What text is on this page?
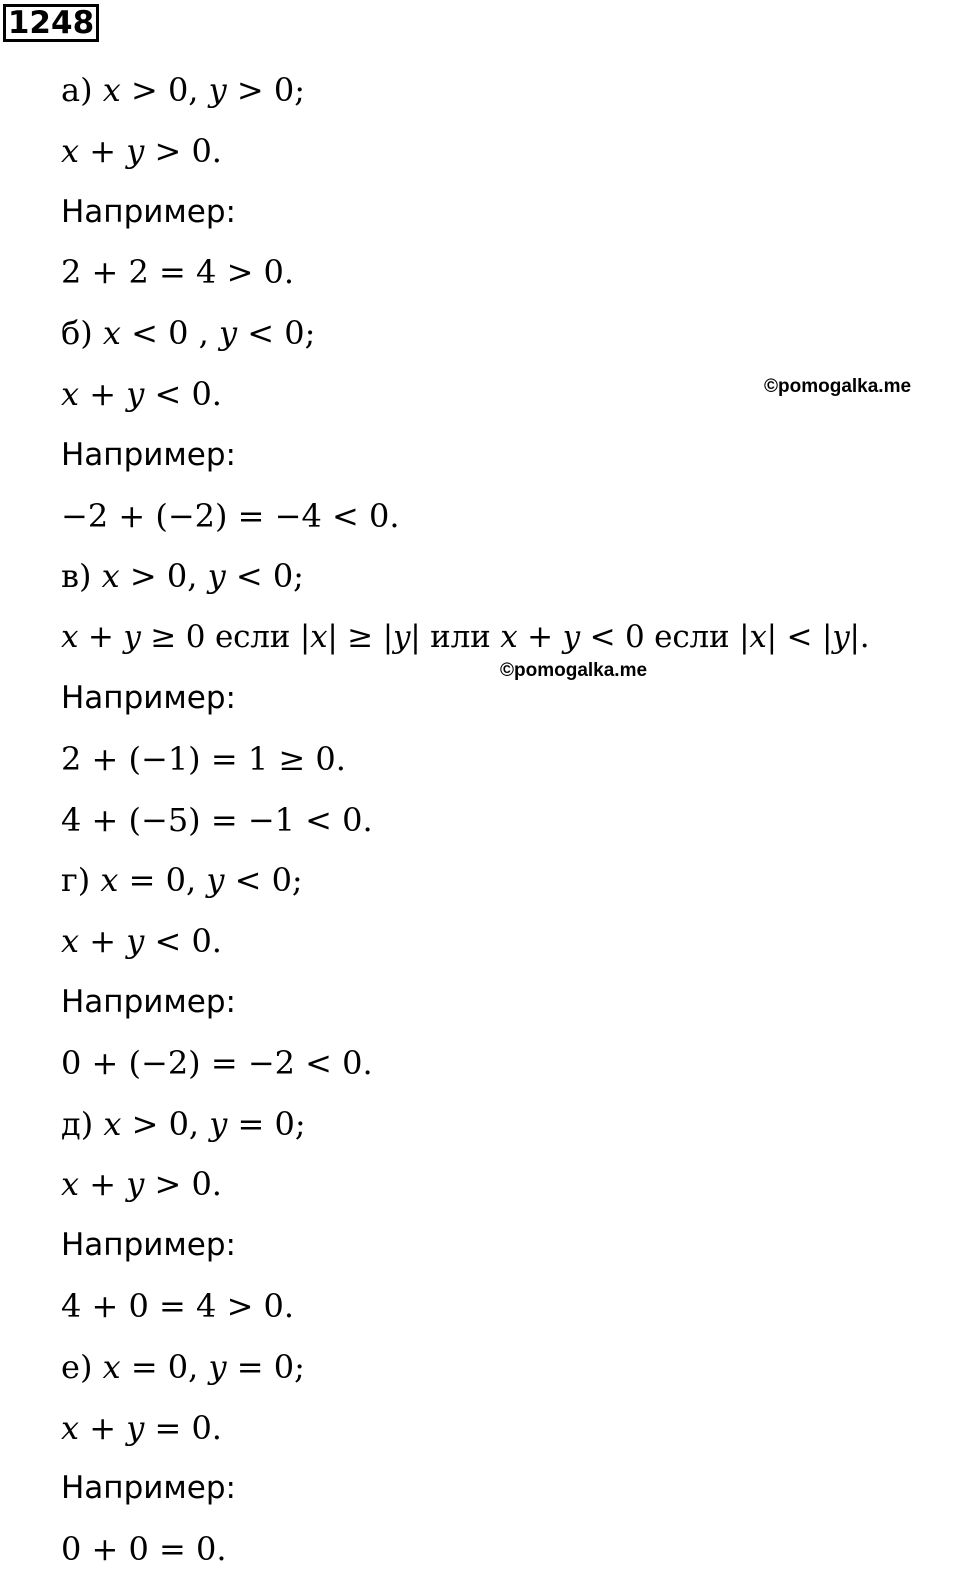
1248
а) 𝑥 > 0, 𝑦 > 0;
𝑥 + 𝑦 > 0.
Например:
2 + 2 = 4 > 0.
б) 𝑥 < 0 , 𝑦 < 0;
𝑥 + 𝑦 < 0.
Например:
−2 + (−2) = −4 < 0.
в) 𝑥 > 0, 𝑦 < 0;
𝑥 + 𝑦 ≥ 0 если |𝑥| ≥ |𝑦| или 𝑥 + 𝑦 < 0 если |𝑥| < |𝑦|.
Например:
2 + (−1) = 1 ≥ 0.
4 + (−5) = −1 < 0.
г) 𝑥 = 0, 𝑦 < 0;
𝑥 + 𝑦 < 0.
Например:
0 + (−2) = −2 < 0.
д) 𝑥 > 0, 𝑦 = 0;
𝑥 + 𝑦 > 0.
Например:
4 + 0 = 4 > 0.
е) 𝑥 = 0, 𝑦 = 0;
𝑥 + 𝑦 = 0.
Например:
0 + 0 = 0.
©pomogalka.me
©pomogalka.me
